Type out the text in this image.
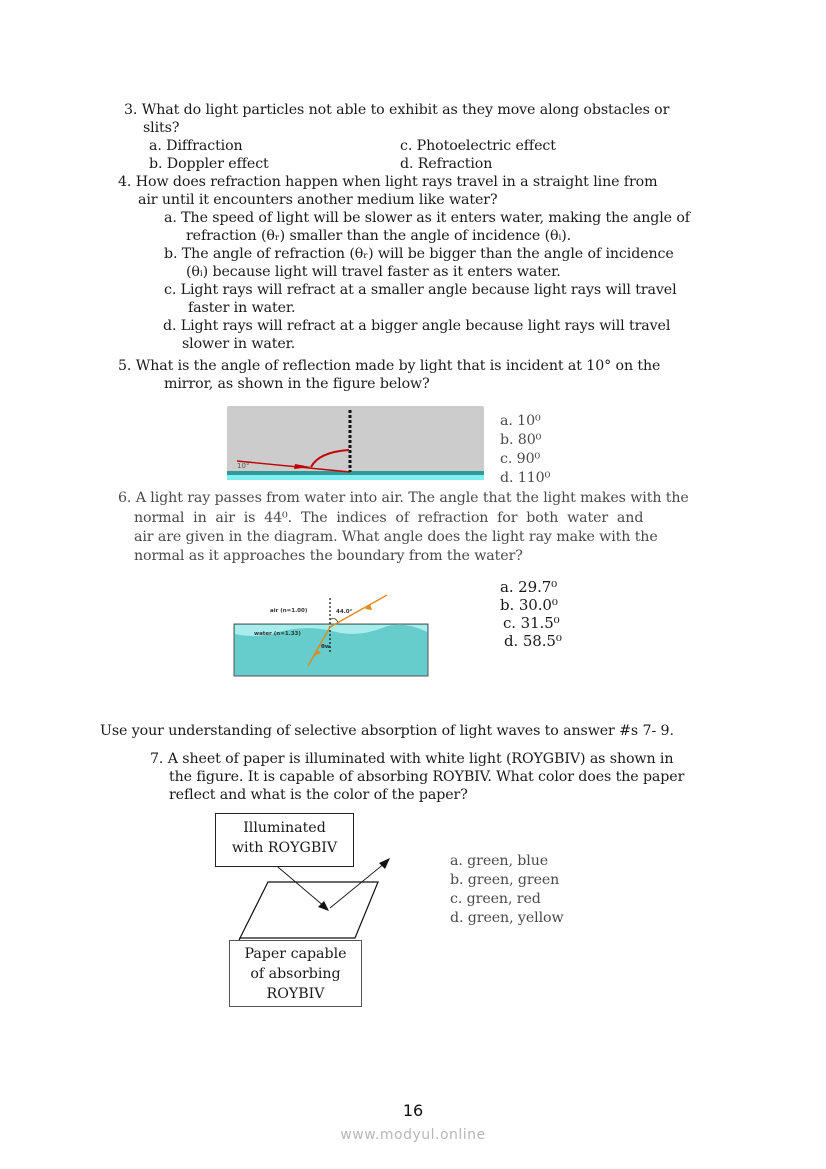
3. What do light particles not able to exhibit as they move along obstacles or
slits?
a. Diffraction	c. Photoelectric effect
b. Doppler effect	d. Refraction
4. How does refraction happen when light rays travel in a straight line from
air until it encounters another medium like water?
a. The speed of light will be slower as it enters water, making the angle of
refraction (θᵣ) smaller than the angle of incidence (θᵢ).
b. The angle of refraction (θᵣ) will be bigger than the angle of incidence
(θᵢ) because light will travel faster as it enters water.
c. Light rays will refract at a smaller angle because light rays will travel
faster in water.
d. Light rays will refract at a bigger angle because light rays will travel
slower in water.
5. What is the angle of reflection made by light that is incident at 10° on the
mirror, as shown in the figure below?
10°
a. 10⁰
b. 80⁰
c. 90⁰
d. 110⁰
6. A light ray passes from water into air. The angle that the light makes with the
normal  in  air  is  44⁰.  The  indices  of  refraction  for  both  water  and
air are given in the diagram. What angle does the light ray make with the
normal as it approaches the boundary from the water?
air (n=1.00)	44.0°
water (n=1.33)
θw
a. 29.7⁰
b. 30.0⁰
c. 31.5⁰
d. 58.5⁰
Use your understanding of selective absorption of light waves to answer #s 7- 9.
7. A sheet of paper is illuminated with white light (ROYGBIV) as shown in
the figure. It is capable of absorbing ROYBIV. What color does the paper
reflect and what is the color of the paper?
Illuminated
with ROYGBIV
Paper capable
of absorbing
ROYBIV
a. green, blue
b. green, green
c. green, red
d. green, yellow
16
www.modyul.online
